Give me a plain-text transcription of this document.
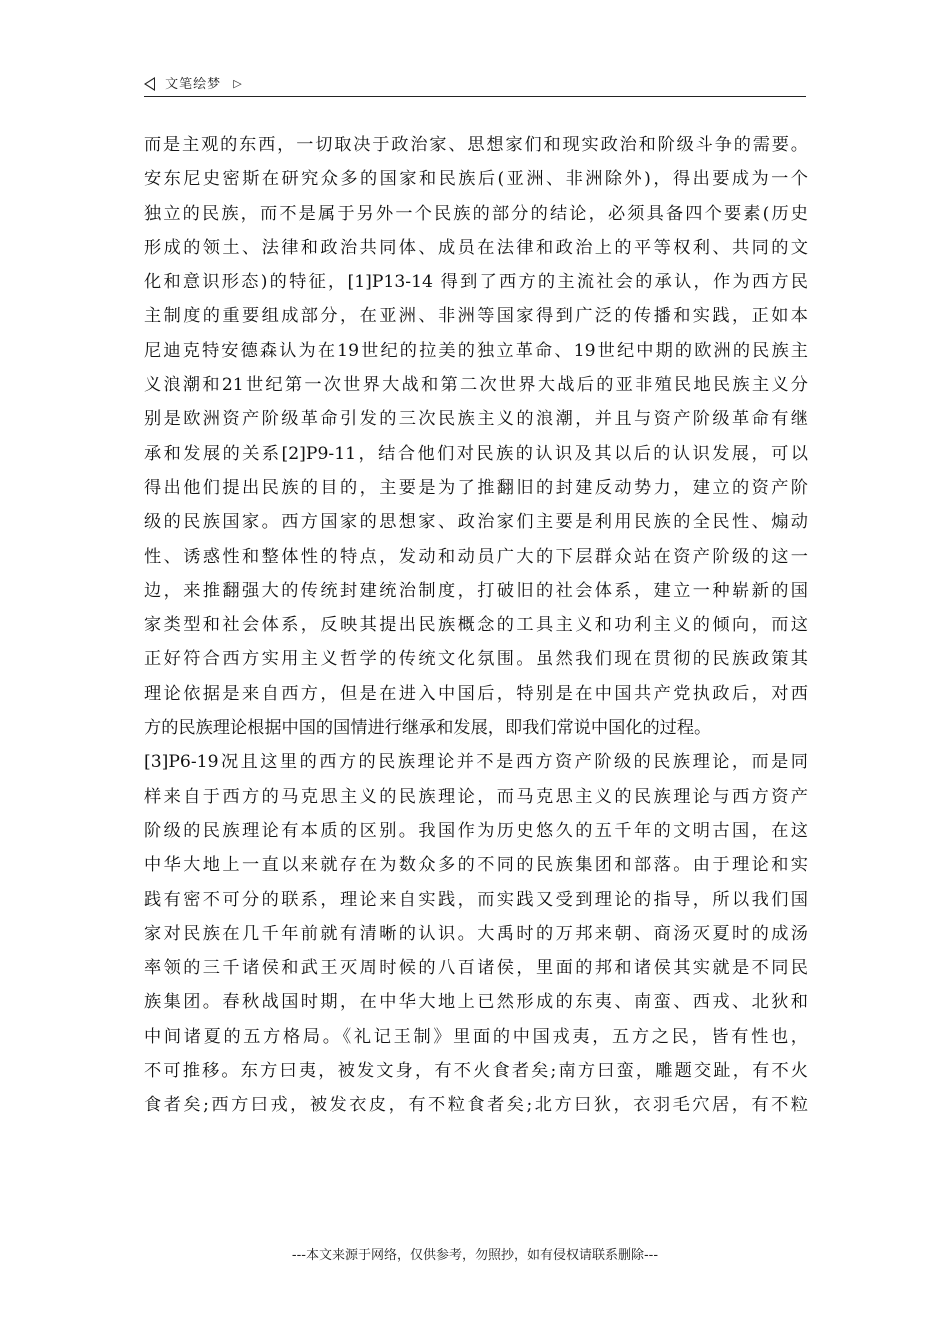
文笔绘梦 ▷
而是主观的东西，一切取决于政治家、思想家们和现实政治和阶级斗争的需要。
安东尼史密斯在研究众多的国家和民族后(亚洲、非洲除外)，得出要成为一个
独立的民族，而不是属于另外一个民族的部分的结论，必须具备四个要素(历史
形成的领土、法律和政治共同体、成员在法律和政治上的平等权利、共同的文
化和意识形态)的特征，[1]P13-14 得到了西方的主流社会的承认，作为西方民
主制度的重要组成部分，在亚洲、非洲等国家得到广泛的传播和实践，正如本
尼迪克特安德森认为在19世纪的拉美的独立革命、19世纪中期的欧洲的民族主
义浪潮和21世纪第一次世界大战和第二次世界大战后的亚非殖民地民族主义分
别是欧洲资产阶级革命引发的三次民族主义的浪潮，并且与资产阶级革命有继
承和发展的关系[2]P9-11，结合他们对民族的认识及其以后的认识发展，可以
得出他们提出民族的目的，主要是为了推翻旧的封建反动势力，建立的资产阶
级的民族国家。西方国家的思想家、政治家们主要是利用民族的全民性、煽动
性、诱惑性和整体性的特点，发动和动员广大的下层群众站在资产阶级的这一
边，来推翻强大的传统封建统治制度，打破旧的社会体系，建立一种崭新的国
家类型和社会体系，反映其提出民族概念的工具主义和功利主义的倾向，而这
正好符合西方实用主义哲学的传统文化氛围。虽然我们现在贯彻的民族政策其
理论依据是来自西方，但是在进入中国后，特别是在中国共产党执政后，对西
方的民族理论根据中国的国情进行继承和发展，即我们常说中国化的过程。
[3]P6-19况且这里的西方的民族理论并不是西方资产阶级的民族理论，而是同
样来自于西方的马克思主义的民族理论，而马克思主义的民族理论与西方资产
阶级的民族理论有本质的区别。我国作为历史悠久的五千年的文明古国，在这
中华大地上一直以来就存在为数众多的不同的民族集团和部落。由于理论和实
践有密不可分的联系，理论来自实践，而实践又受到理论的指导，所以我们国
家对民族在几千年前就有清晰的认识。大禹时的万邦来朝、商汤灭夏时的成汤
率领的三千诸侯和武王灭周时候的八百诸侯，里面的邦和诸侯其实就是不同民
族集团。春秋战国时期，在中华大地上已然形成的东夷、南蛮、西戎、北狄和
中间诸夏的五方格局。《礼记王制》里面的中国戎夷，五方之民，皆有性也，
不可推移。东方曰夷，被发文身，有不火食者矣;南方曰蛮，雕题交趾，有不火
食者矣;西方曰戎，被发衣皮，有不粒食者矣;北方曰狄，衣羽毛穴居，有不粒
---本文来源于网络，仅供参考，勿照抄，如有侵权请联系删除---
